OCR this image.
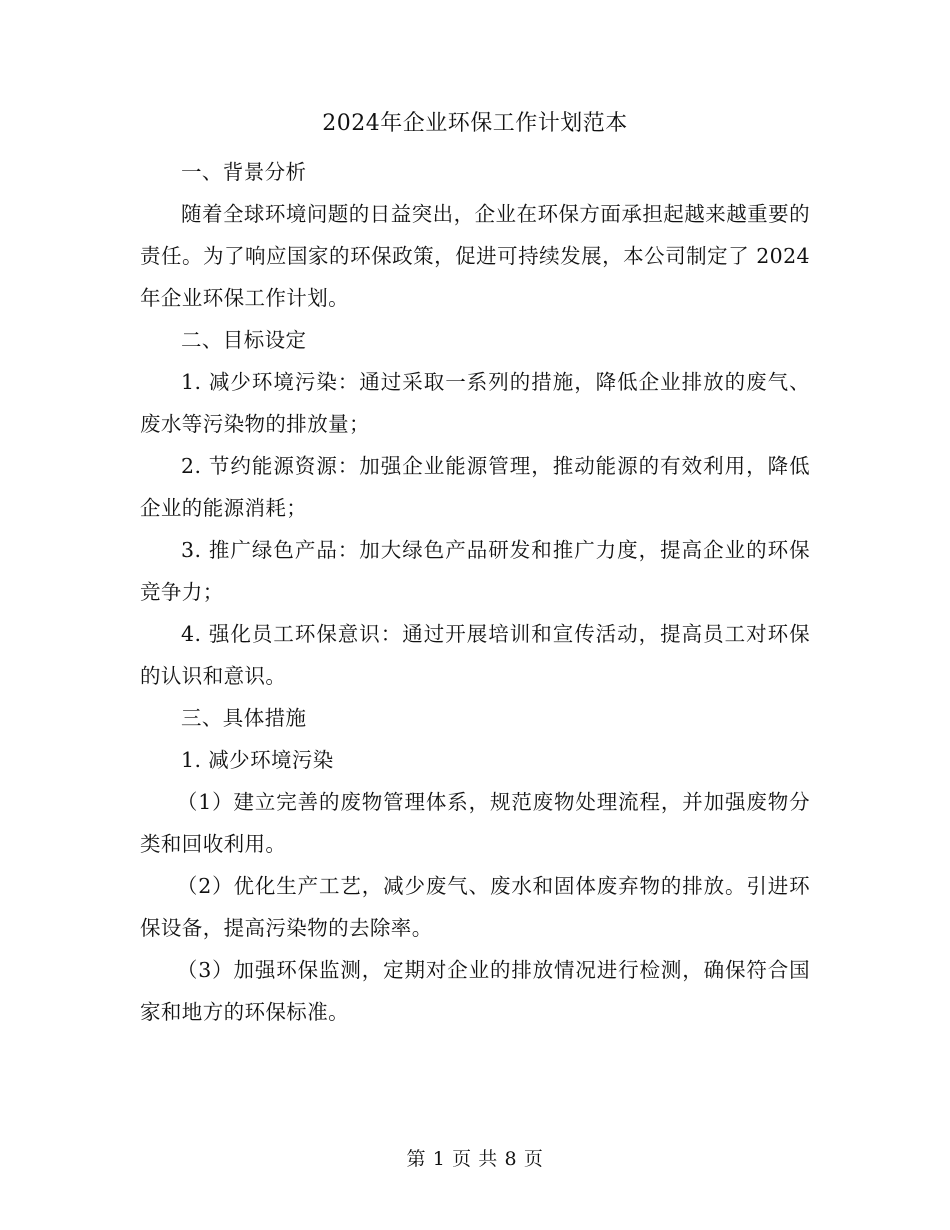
2024年企业环保工作计划范本

一、背景分析

随着全球环境问题的日益突出，企业在环保方面承担起越来越重要的责任。为了响应国家的环保政策，促进可持续发展，本公司制定了 2024 年企业环保工作计划。

二、目标设定

1. 减少环境污染：通过采取一系列的措施，降低企业排放的废气、废水等污染物的排放量；

2. 节约能源资源：加强企业能源管理，推动能源的有效利用，降低企业的能源消耗；

3. 推广绿色产品：加大绿色产品研发和推广力度，提高企业的环保竞争力；

4. 强化员工环保意识：通过开展培训和宣传活动，提高员工对环保的认识和意识。

三、具体措施

1. 减少环境污染

（1）建立完善的废物管理体系，规范废物处理流程，并加强废物分类和回收利用。

（2）优化生产工艺，减少废气、废水和固体废弃物的排放。引进环保设备，提高污染物的去除率。

（3）加强环保监测，定期对企业的排放情况进行检测，确保符合国家和地方的环保标准。

第 1 页 共 8 页
